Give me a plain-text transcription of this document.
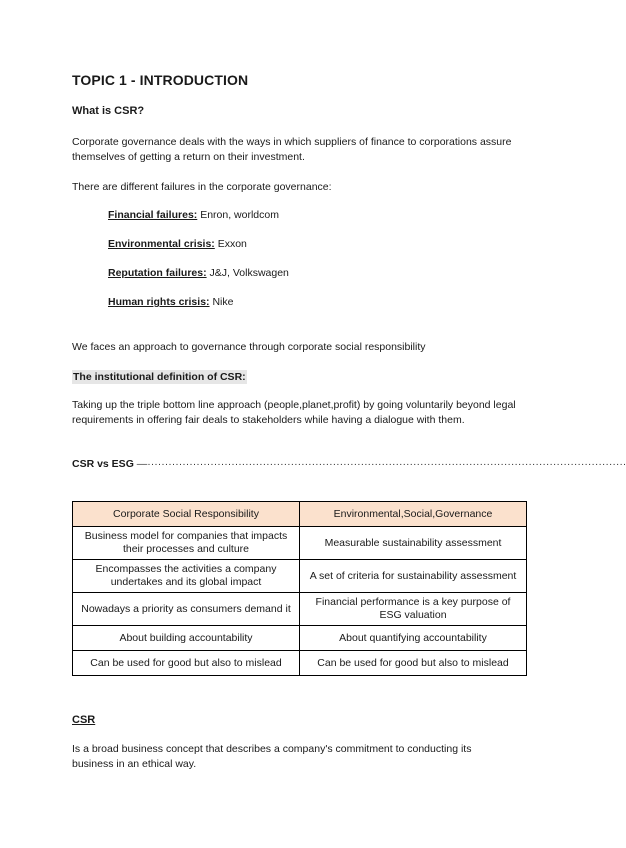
TOPIC 1 - INTRODUCTION
What is CSR?
Corporate governance deals with the ways in which suppliers of finance to corporations assure themselves of getting a return on their investment.
There are different failures in the corporate governance:
Financial failures: Enron, worldcom
Environmental crisis: Exxon
Reputation failures: J&J, Volkswagen
Human rights crisis: Nike
We faces an approach to governance through corporate social responsibility
The institutional definition of CSR:
Taking up the triple bottom line approach (people,planet,profit) by going voluntarily beyond legal requirements in offering fair deals to stakeholders while having a dialogue with them.
CSR vs ESG —·········································································································································
Corporate Social Responsibility	Environmental,Social,Governance
Business model for companies that impacts their processes and culture	Measurable sustainability assessment
Encompasses the activities a company undertakes and its global impact	A set of criteria for sustainability assessment
Nowadays a priority as consumers demand it	Financial performance is a key purpose of ESG valuation
About building accountability	About quantifying accountability
Can be used for good but also to mislead	Can be used for good but also to mislead
CSR
Is a broad business concept that describes a company's commitment to conducting its business in an ethical way.
